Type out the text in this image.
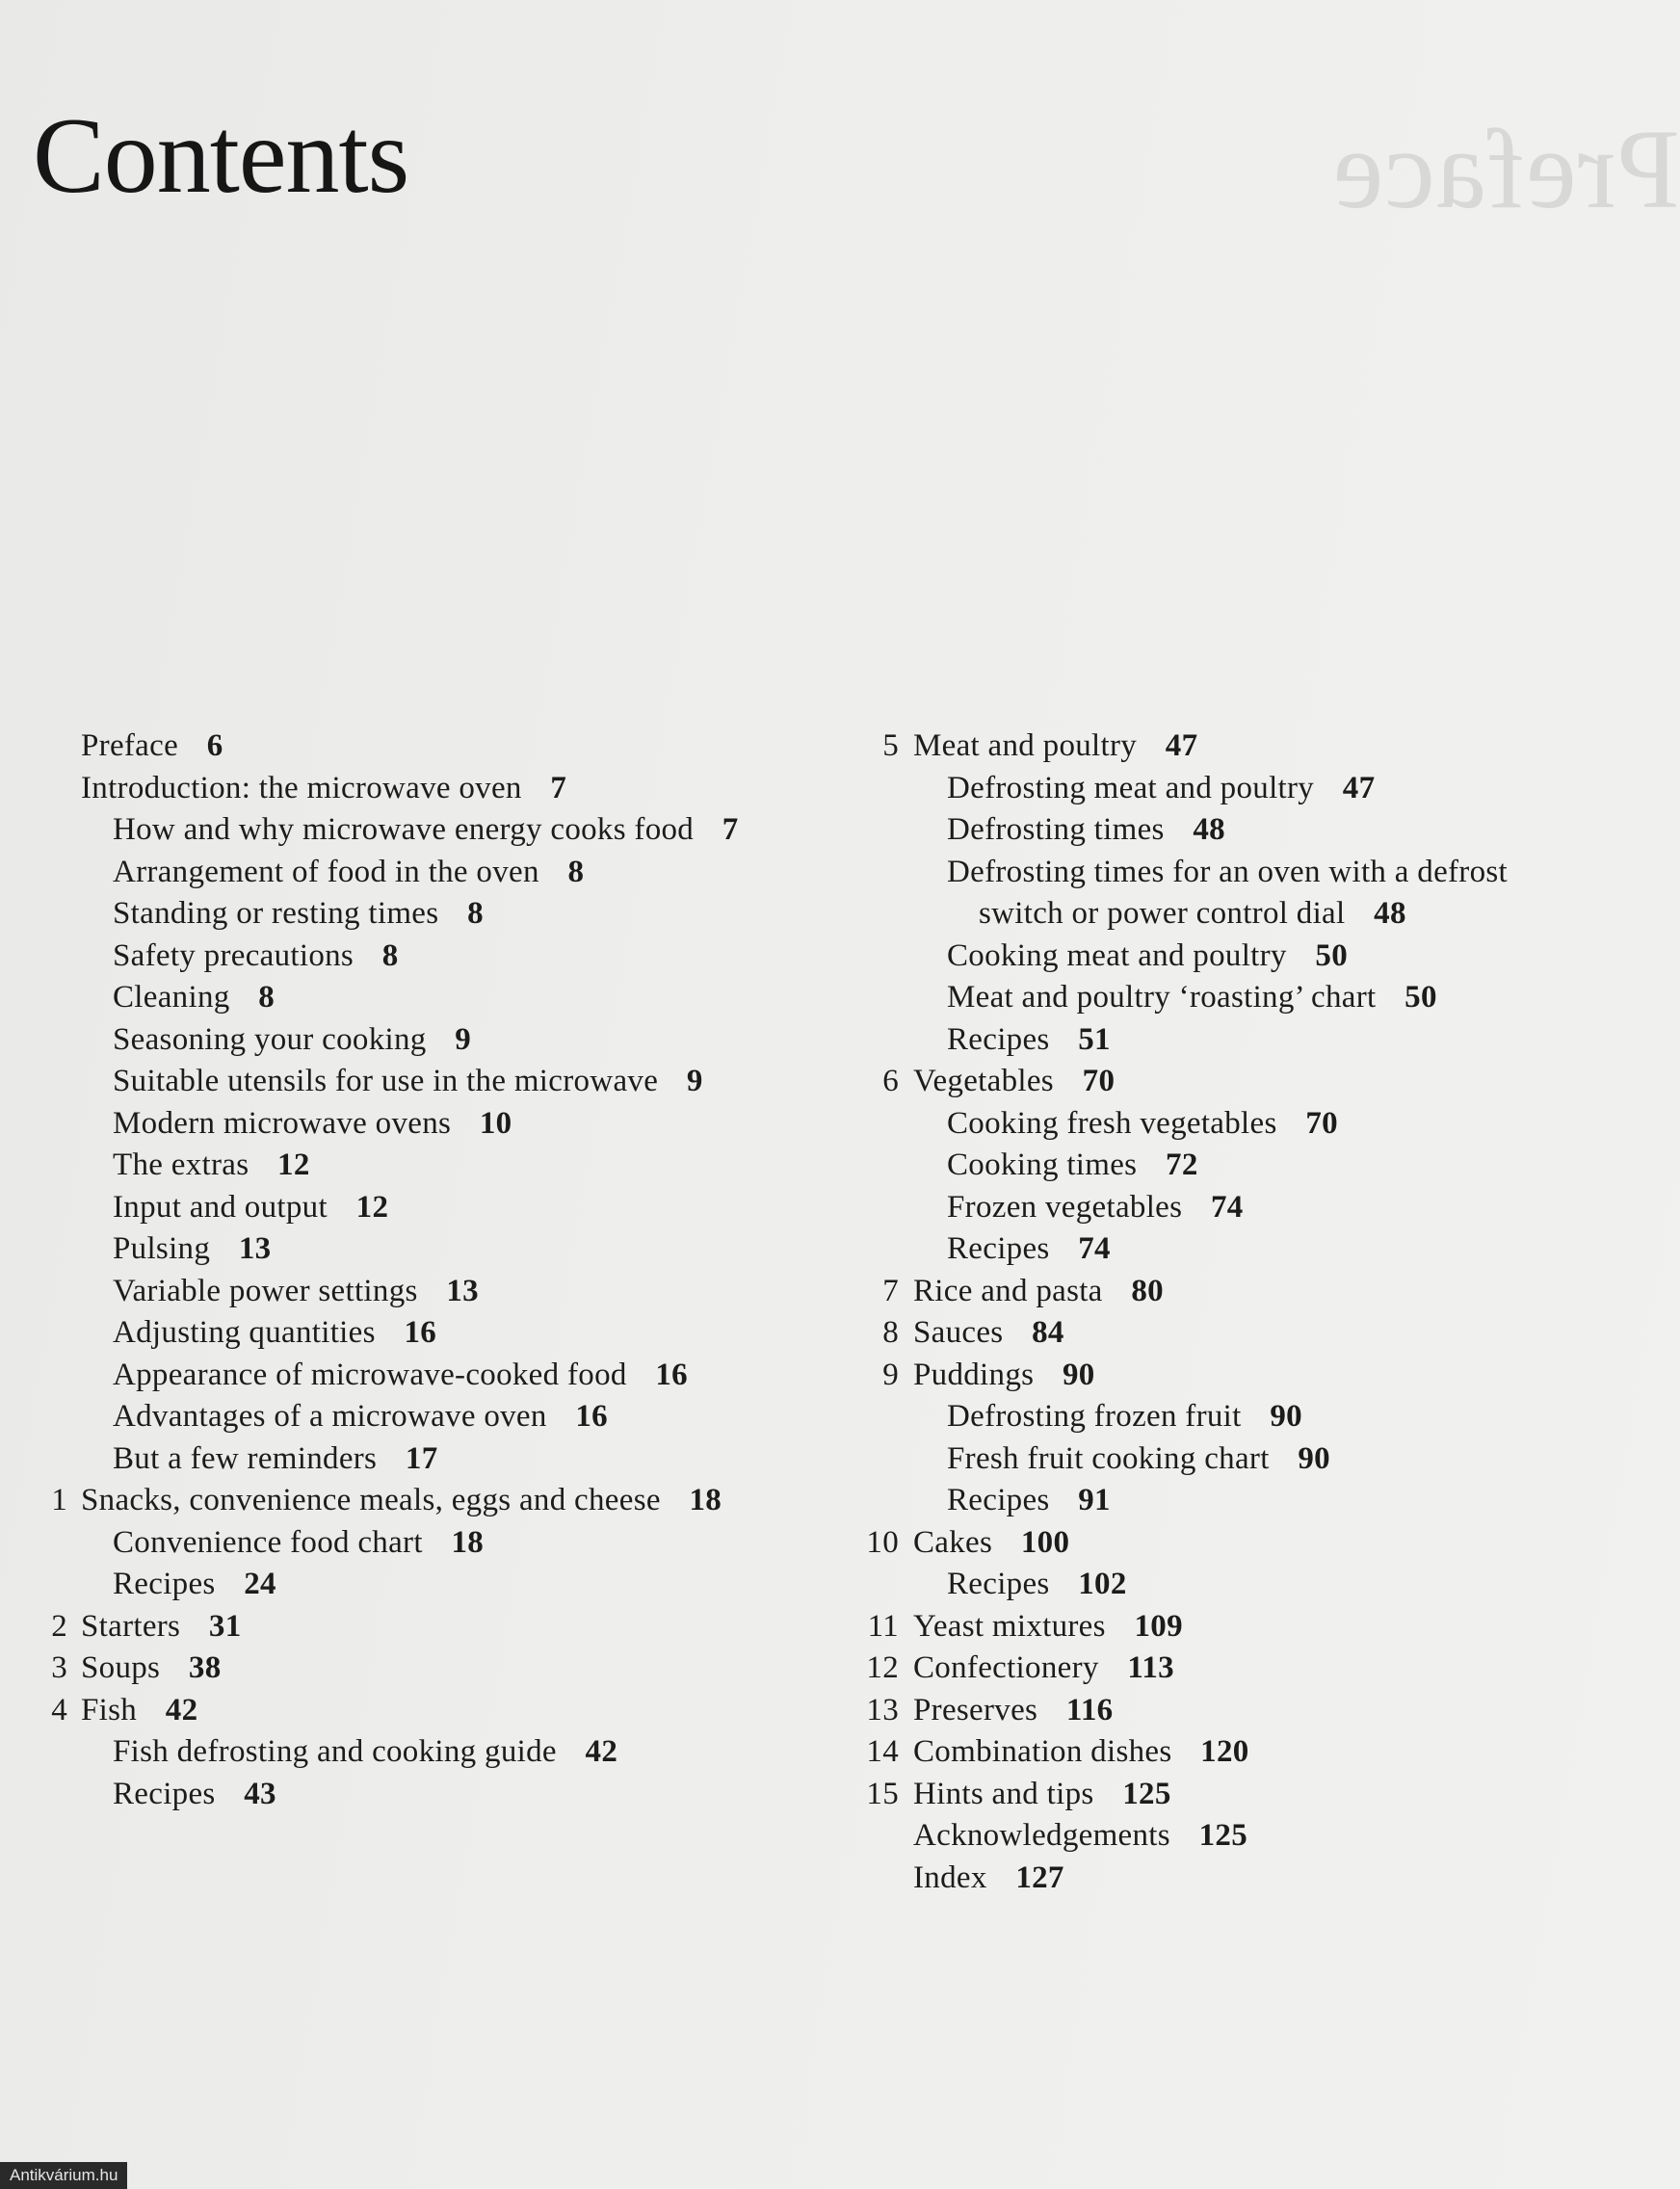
Preface
Contents
Preface 6
Introduction: the microwave oven 7
How and why microwave energy cooks food 7
Arrangement of food in the oven 8
Standing or resting times 8
Safety precautions 8
Cleaning 8
Seasoning your cooking 9
Suitable utensils for use in the microwave 9
Modern microwave ovens 10
The extras 12
Input and output 12
Pulsing 13
Variable power settings 13
Adjusting quantities 16
Appearance of microwave-cooked food 16
Advantages of a microwave oven 16
But a few reminders 17
1 Snacks, convenience meals, eggs and cheese 18
Convenience food chart 18
Recipes 24
2 Starters 31
3 Soups 38
4 Fish 42
Fish defrosting and cooking guide 42
Recipes 43
5 Meat and poultry 47
Defrosting meat and poultry 47
Defrosting times 48
Defrosting times for an oven with a defrost
switch or power control dial 48
Cooking meat and poultry 50
Meat and poultry ‘roasting’ chart 50
Recipes 51
6 Vegetables 70
Cooking fresh vegetables 70
Cooking times 72
Frozen vegetables 74
Recipes 74
7 Rice and pasta 80
8 Sauces 84
9 Puddings 90
Defrosting frozen fruit 90
Fresh fruit cooking chart 90
Recipes 91
10 Cakes 100
Recipes 102
11 Yeast mixtures 109
12 Confectionery 113
13 Preserves 116
14 Combination dishes 120
15 Hints and tips 125
Acknowledgements 125
Index 127
Antikvárium.hu
